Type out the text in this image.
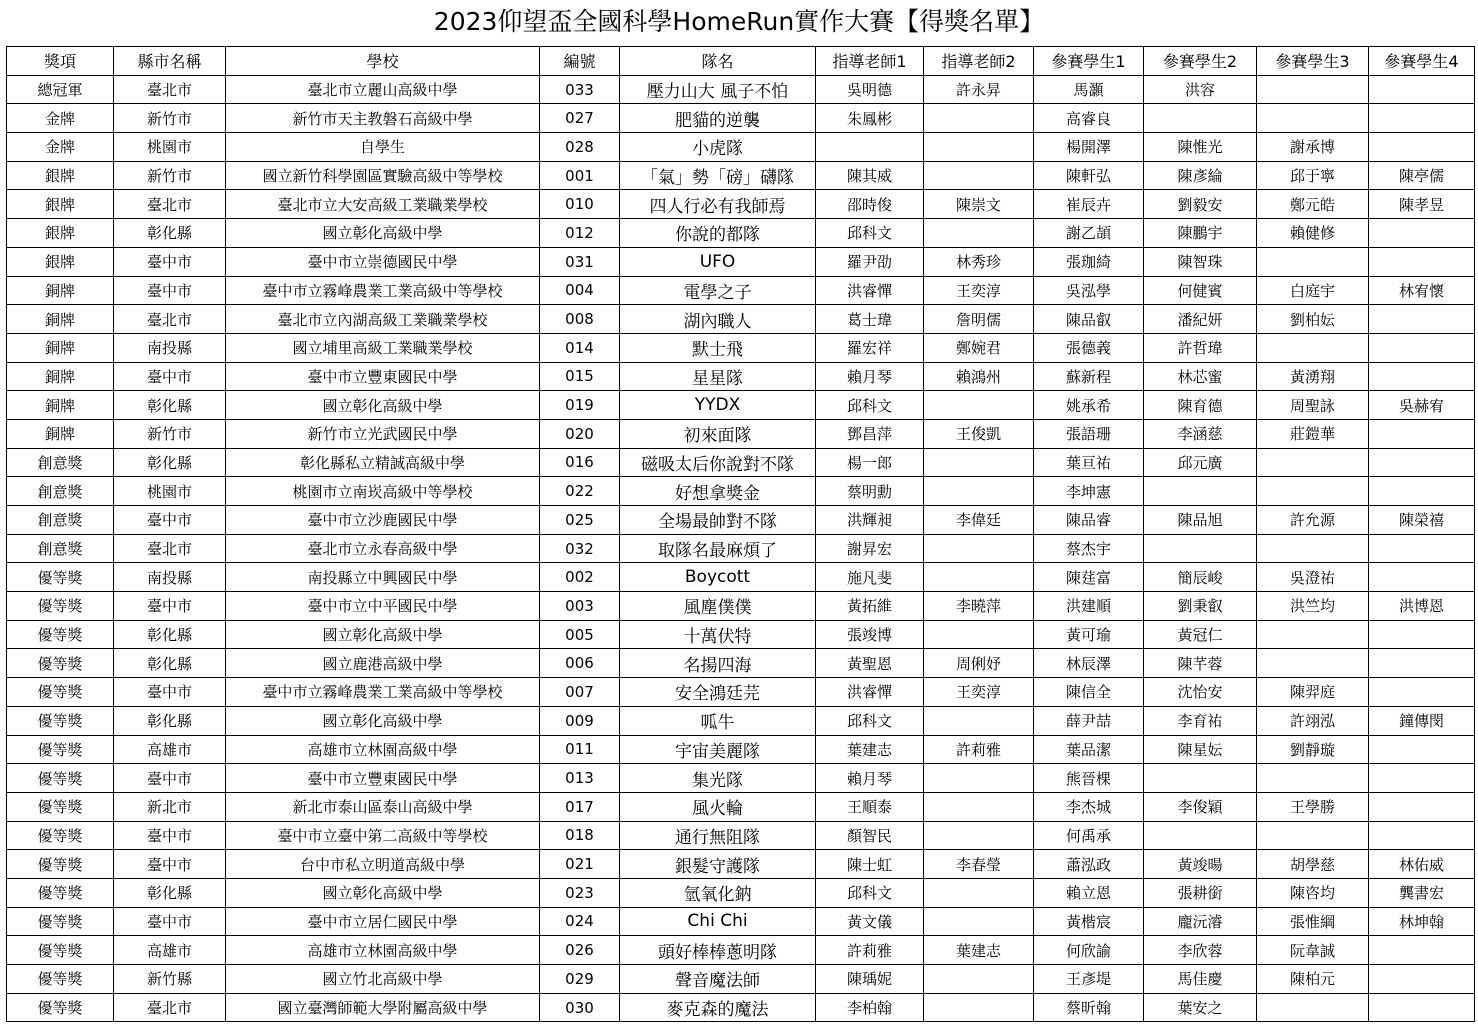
2023仰望盃全國科學HomeRun實作大賽【得獎名單】
獎項	縣市名稱	學校	編號	隊名	指導老師1	指導老師2	參賽學生1	參賽學生2	參賽學生3	參賽學生4
總冠軍	臺北市	臺北市立麗山高級中學	033	壓力山大 風子不怕	吳明德	許永昇	馬灝	洪容		
金牌	新竹市	新竹市天主教磐石高級中學	027	肥貓的逆襲	朱鳳彬		高睿良			
金牌	桃園市	自學生	028	小虎隊			楊開澤	陳惟光	謝承博	
銀牌	新竹市	國立新竹科學園區實驗高級中等學校	001	「氣」勢「磅」礴隊	陳其威		陳軒弘	陳彥綸	邱于寧	陳亭儒
銀牌	臺北市	臺北市立大安高級工業職業學校	010	四人行必有我師焉	邵時俊	陳崇文	崔辰卉	劉毅安	鄭元皓	陳孝昱
銀牌	彰化縣	國立彰化高級中學	012	你說的都隊	邱科文		謝乙頡	陳鵬宇	賴健修	
銀牌	臺中市	臺中市立崇德國民中學	031	UFO	羅尹劭	林秀珍	張珈綺	陳智珠		
銅牌	臺中市	臺中市立霧峰農業工業高級中等學校	004	電學之子	洪睿憚	王奕淳	吳泓學	何健賓	白庭宇	林宥懷
銅牌	臺北市	臺北市立內湖高級工業職業學校	008	湖內職人	葛士瑋	詹明儒	陳品叡	潘紀妍	劉柏妘	
銅牌	南投縣	國立埔里高級工業職業學校	014	默士飛	羅宏祥	鄭婉君	張德義	許哲瑋		
銅牌	臺中市	臺中市立豐東國民中學	015	星星隊	賴月琴	賴鴻州	蘇新程	林芯蜜	黃湧翔	
銅牌	彰化縣	國立彰化高級中學	019	YYDX	邱科文		姚承希	陳育德	周聖詠	吳赫宥
銅牌	新竹市	新竹市立光武國民中學	020	初來面隊	鄧昌萍	王俊凱	張語珊	李涵慈	莊鎧華	
創意獎	彰化縣	彰化縣私立精誠高級中學	016	磁吸太后你說對不隊	楊一郎		葉亘祐	邱元廣		
創意獎	桃園市	桃園市立南崁高級中等學校	022	好想拿獎金	蔡明勳		李坤憲			
創意獎	臺中市	臺中市立沙鹿國民中學	025	全場最帥對不隊	洪輝昶	李偉廷	陳品睿	陳品旭	許允源	陳榮禧
創意獎	臺北市	臺北市立永春高級中學	032	取隊名最麻煩了	謝昇宏		蔡杰宇			
優等獎	南投縣	南投縣立中興國民中學	002	Boycott	施凡斐		陳莛富	簡辰峻	吳澄祐	
優等獎	臺中市	臺中市立中平國民中學	003	風塵僕僕	黃拓維	李曉萍	洪建順	劉秉叡	洪竺均	洪博恩
優等獎	彰化縣	國立彰化高級中學	005	十萬伏特	張竣博		黃可瑜	黃冠仁		
優等獎	彰化縣	國立鹿港高級中學	006	名揚四海	黃聖恩	周俐妤	林辰澤	陳芊蓉		
優等獎	臺中市	臺中市立霧峰農業工業高級中等學校	007	安全鴻廷芫	洪睿憚	王奕淳	陳信全	沈怡安	陳羿庭	
優等獎	彰化縣	國立彰化高級中學	009	呱牛	邱科文		薛尹喆	李育祐	許翊泓	鐘傳閔
優等獎	高雄市	高雄市立林園高級中學	011	宇宙美麗隊	葉建志	許莉雅	葉品潔	陳星妘	劉靜璇	
優等獎	臺中市	臺中市立豐東國民中學	013	集光隊	賴月琴		熊晉棵			
優等獎	新北市	新北市泰山區泰山高級中學	017	風火輪	王順泰		李杰城	李俊穎	王學勝	
優等獎	臺中市	臺中市立臺中第二高級中等學校	018	通行無阻隊	顏智民		何禹承			
優等獎	臺中市	台中市私立明道高級中學	021	銀髮守護隊	陳士虹	李春瑩	蕭泓政	黃竣暘	胡學慈	林佑威
優等獎	彰化縣	國立彰化高級中學	023	氫氧化鈉	邱科文		賴立恩	張耕銜	陳咨均	龔書宏
優等獎	臺中市	臺中市立居仁國民中學	024	Chi Chi	黃文儀		黃楷宸	龐沅濬	張惟綱	林坤翰
優等獎	高雄市	高雄市立林園高級中學	026	頭好棒棒蔥明隊	許莉雅	葉建志	何欣諭	李欣蓉	阮韋誠	
優等獎	新竹縣	國立竹北高級中學	029	聲音魔法師	陳瑀妮		王彥堤	馬佳慶	陳柏元	
優等獎	臺北市	國立臺灣師範大學附屬高級中學	030	麥克森的魔法	李柏翰		蔡昕翰	葉安之		
